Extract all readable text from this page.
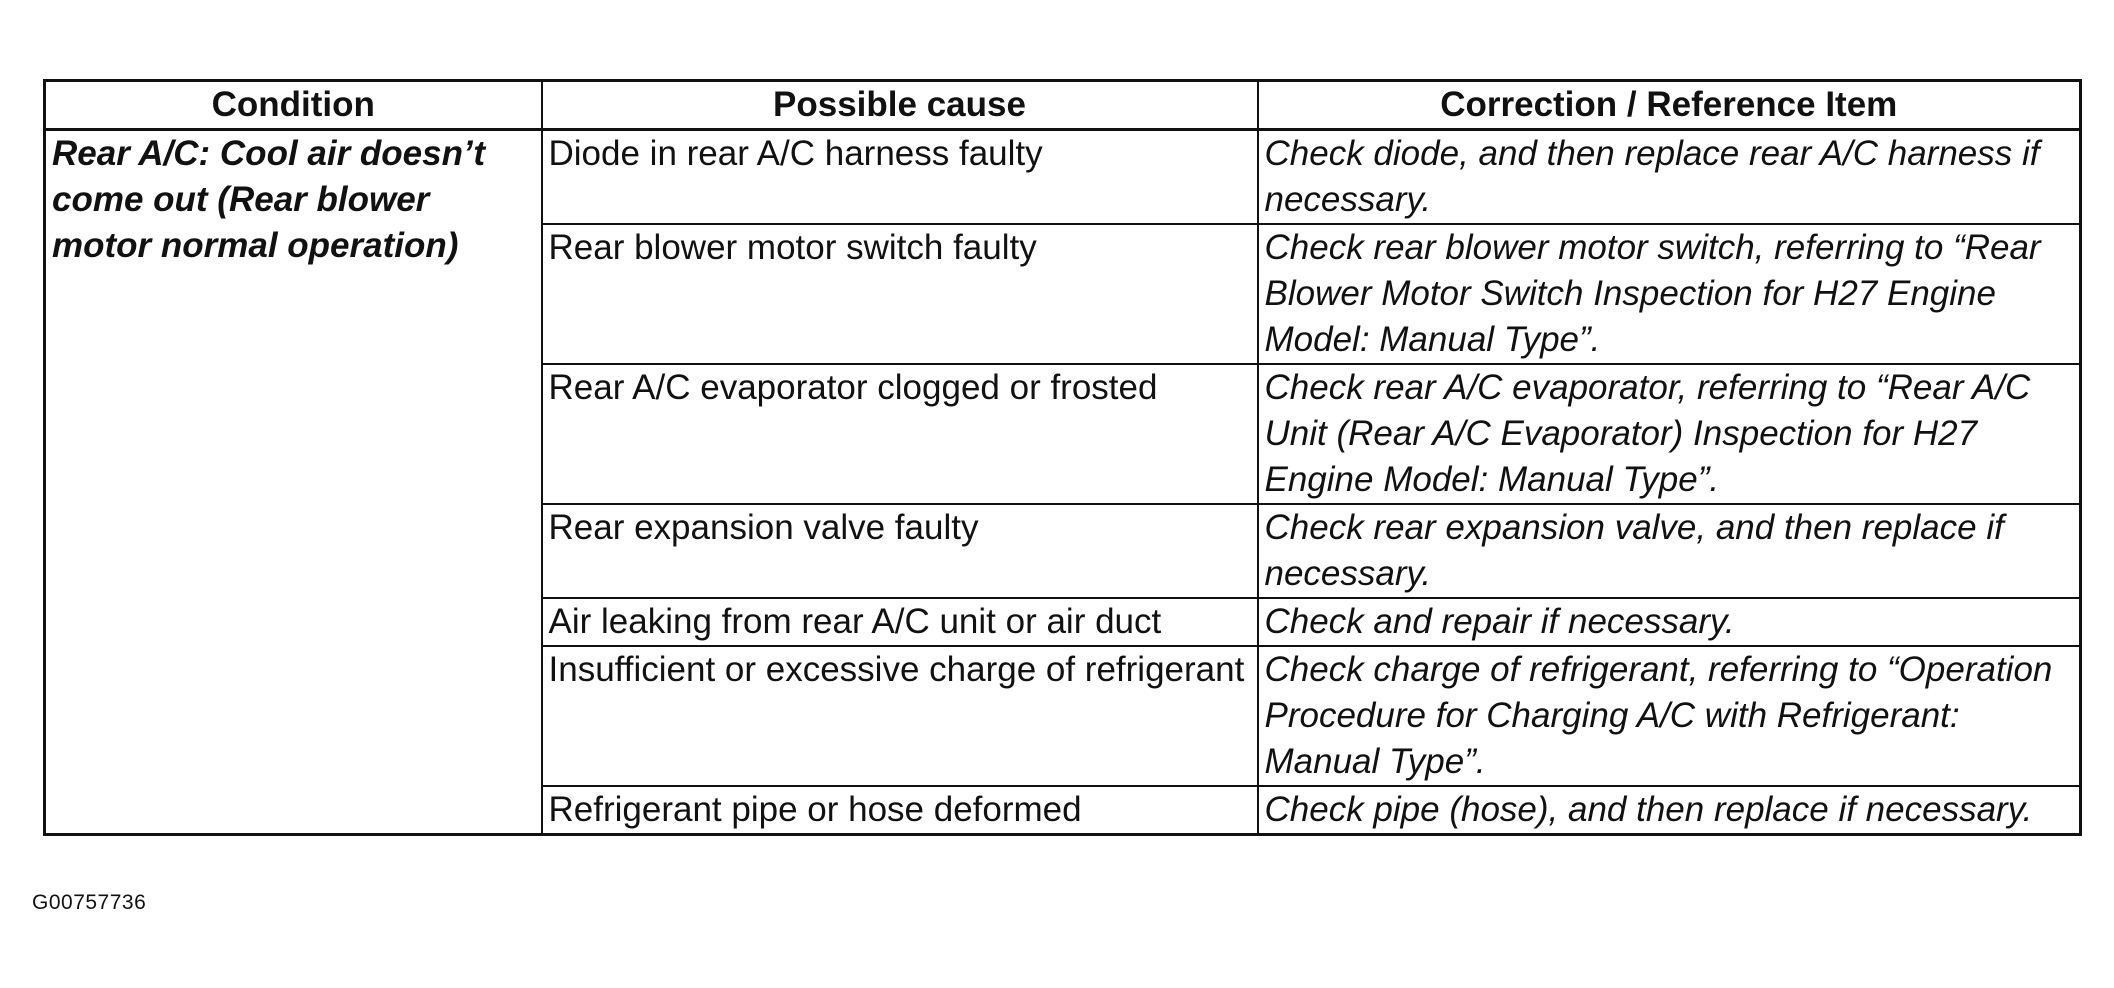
Condition	Possible cause	Correction / Reference Item
Rear A/C: Cool air doesn’t come out (Rear blower motor normal operation)	Diode in rear A/C harness faulty	Check diode, and then replace rear A/C harness if necessary.
	Rear blower motor switch faulty	Check rear blower motor switch, referring to “Rear Blower Motor Switch Inspection for H27 Engine Model: Manual Type”.
	Rear A/C evaporator clogged or frosted	Check rear A/C evaporator, referring to “Rear A/C Unit (Rear A/C Evaporator) Inspection for H27 Engine Model: Manual Type”.
	Rear expansion valve faulty	Check rear expansion valve, and then replace if necessary.
	Air leaking from rear A/C unit or air duct	Check and repair if necessary.
	Insufficient or excessive charge of refrigerant	Check charge of refrigerant, referring to “Operation Procedure for Charging A/C with Refrigerant: Manual Type”.
	Refrigerant pipe or hose deformed	Check pipe (hose), and then replace if necessary.
G00757736
